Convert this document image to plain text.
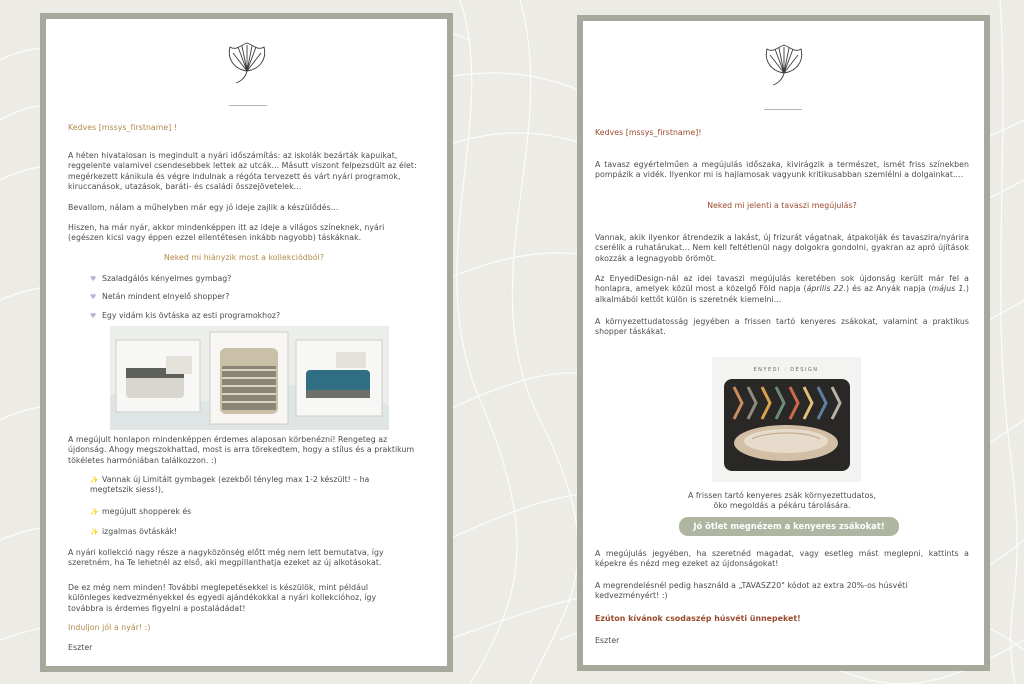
Kedves [mssys_firstname] !
A héten hivatalosan is megindult a nyári időszámítás: az iskolák bezárták kapuikat, reggelente valamivel csendesebbek lettek az utcák... Másutt viszont felpezsdült az élet: megérkezett kánikula és végre indulnak a régóta tervezett és várt nyári programok, kiruccanások, utazások, baráti- és családi összejövetelek...
Bevallom, nálam a műhelyben már egy jó ideje zajlik a készülődés...
Hiszen, ha már nyár, akkor mindenképpen itt az ideje a világos színeknek, nyári (egészen kicsi vagy éppen ezzel ellentétesen inkább nagyobb) táskáknak.
Neked mi hiányzik most a kollekciódból?
♥ Szaladgálós kényelmes gymbag?
♥ Netán mindent elnyelő shopper?
♥ Egy vidám kis övtáska az esti programokhoz?
A megújult honlapon mindenképpen érdemes alaposan körbenézni! Rengeteg az újdonság. Ahogy megszokhattad, most is arra törekedtem, hogy a stílus és a praktikum tökéletes harmóniában találkozzon. :)
✨ Vannak új Limitált gymbagek (ezekből tényleg max 1-2 készült! – ha megtetszik siess!),
✨ megújult shopperek és
✨ izgalmas övtáskák!
A nyári kollekció nagy része a nagyközönség előtt még nem lett bemutatva, így szeretném, ha Te lehetnél az első, aki megpillanthatja ezeket az új alkotásokat.
De ez még nem minden! További meglepetésekkel is készülök, mint például különleges kedvezményekkel és egyedi ajándékokkal a nyári kollekcióhoz, így továbbra is érdemes figyelni a postaládádat!
Induljon jól a nyár! :)
Eszter
Kedves [mssys_firstname]!
A tavasz egyértelműen a megújulás időszaka, kivirágzik a természet, ismét friss színekben pompázik a vidék. Ilyenkor mi is hajlamosak vagyunk kritikusabban szemlélni a dolgainkat....
Neked mi jelenti a tavaszi megújulás?
Vannak, akik ilyenkor átrendezik a lakást, új frizurát vágatnak, átpakolják és tavaszira/nyárira cserélik a ruhatárukat... Nem kell feltétlenül nagy dolgokra gondolni, gyakran az apró újítások okozzák a legnagyobb örömöt.
Az EnyediDesign-nál az idei tavaszi megújulás keretében sok újdonság került már fel a honlapra, amelyek közül most a közelgő Föld napja (április 22.) és az Anyák napja (május 1.) alkalmából kettőt külön is szeretnék kiemelni...
A környezettudatosság jegyében a frissen tartó kenyeres zsákokat, valamint a praktikus shopper táskákat.
ENYEDI · DESIGN
A frissen tartó kenyeres zsák környezettudatos,
öko megoldás a pékáru tárolására.
Jó ötlet megnézem a kenyeres zsákokat!
A megújulás jegyében, ha szeretnéd magadat, vagy esetleg mást meglepni, kattints a képekre és nézd meg ezeket az újdonságokat!
A megrendelésnél pedig használd a „TAVASZ20" kódot az extra 20%-os húsvéti kedvezményért! :)
Ezúton kívánok csodaszép húsvéti ünnepeket!
Eszter
